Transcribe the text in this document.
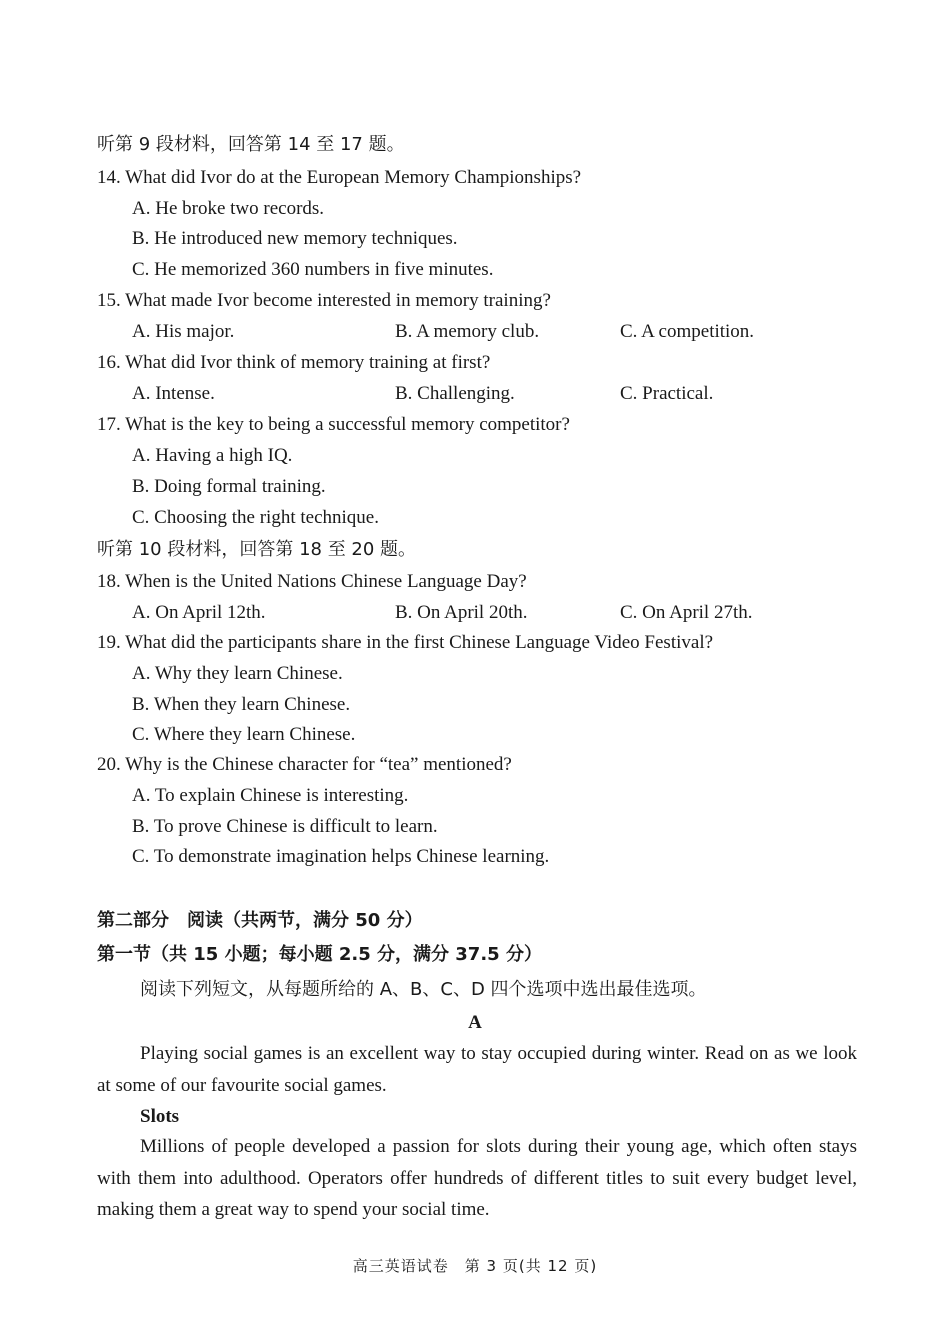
听第 9 段材料，回答第 14 至 17 题。
14. What did Ivor do at the European Memory Championships?
A. He broke two records.
B. He introduced new memory techniques.
C. He memorized 360 numbers in five minutes.
15. What made Ivor become interested in memory training?
A. His major.	B. A memory club.	C. A competition.
16. What did Ivor think of memory training at first?
A. Intense.	B. Challenging.	C. Practical.
17. What is the key to being a successful memory competitor?
A. Having a high IQ.
B. Doing formal training.
C. Choosing the right technique.
听第 10 段材料，回答第 18 至 20 题。
18. When is the United Nations Chinese Language Day?
A. On April 12th.	B. On April 20th.	C. On April 27th.
19. What did the participants share in the first Chinese Language Video Festival?
A. Why they learn Chinese.
B. When they learn Chinese.
C. Where they learn Chinese.
20. Why is the Chinese character for “tea” mentioned?
A. To explain Chinese is interesting.
B. To prove Chinese is difficult to learn.
C. To demonstrate imagination helps Chinese learning.
第二部分　阅读（共两节，满分 50 分）
第一节（共 15 小题；每小题 2.5 分，满分 37.5 分）
阅读下列短文，从每题所给的 A、B、C、D 四个选项中选出最佳选项。
A
Playing social games is an excellent way to stay occupied during winter. Read on as we look at some of our favourite social games.
Slots
Millions of people developed a passion for slots during their young age, which often stays with them into adulthood. Operators offer hundreds of different titles to suit every budget level, making them a great way to spend your social time.
高三英语试卷　第 3 页(共 12 页)
